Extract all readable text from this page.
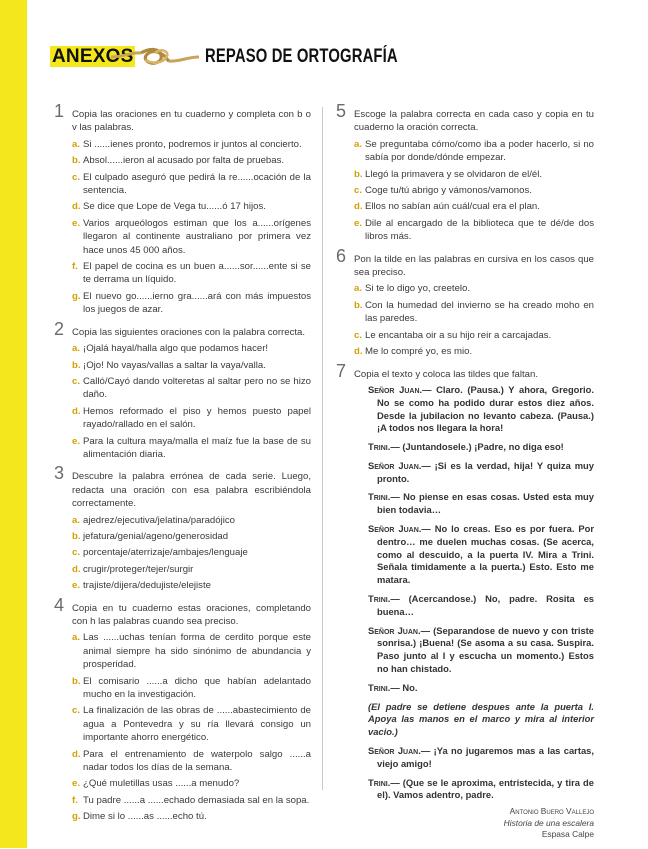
ANEXOS	REPASO DE ORTOGRAFÍA
1 Copia las oraciones en tu cuaderno y completa con b o v las palabras.

a. Si ......ienes pronto, podremos ir juntos al concierto.
b. Absol......ieron al acusado por falta de pruebas.
c. El culpado aseguró que pedirá la re......ocación de la sentencia.
d. Se dice que Lope de Vega tu......ó 17 hijos.
e. Varios arqueólogos estiman que los a......orígenes llegaron al continente australiano por primera vez hace unos 45 000 años.
f. El papel de cocina es un buen a......sor......ente si se te derrama un líquido.
g. El nuevo go......ierno gra......ará con más impuestos los juegos de azar.
2 Copia las siguientes oraciones con la palabra correcta.

a. ¡Ojalá hayal/halla algo que podamos hacer!
b. ¡Ojo! No vayas/vallas a saltar la vaya/valla.
c. Calló/Cayó dando volteretas al saltar pero no se hizo daño.
d. Hemos reformado el piso y hemos puesto papel rayado/rallado en el salón.
e. Para la cultura maya/malla el maíz fue la base de su alimentación diaria.
3 Descubre la palabra errónea de cada serie. Luego, redacta una oración con esa palabra escribiéndola correctamente.

a. ajedrez/ejecutiva/jelatina/paradójico
b. jefatura/genial/ageno/generosidad
c. porcentaje/aterrizaje/ambajes/lenguaje
d. crugir/proteger/tejer/surgir
e. trajiste/dijera/dedujiste/elejiste
4 Copia en tu cuaderno estas oraciones, completando con h las palabras cuando sea preciso.

a. Las ......uchas tenían forma de cerdito porque este animal siempre ha sido sinónimo de abundancia y prosperidad.
b. El comisario ......a dicho que habían adelantado mucho en la investigación.
c. La finalización de las obras de ......abastecimiento de agua a Pontevedra y su ría llevará consigo un importante ahorro energético.
d. Para el entrenamiento de waterpolo salgo ......a nadar todos los días de la semana.
e. ¿Qué muletillas usas ......a menudo?
f. Tu padre ......a ......echado demasiada sal en la sopa.
g. Dime si lo ......as ......echo tú.
5 Escoge la palabra correcta en cada caso y copia en tu cuaderno la oración correcta.

a. Se preguntaba cómo/como iba a poder hacerlo, si no sabía por donde/dónde empezar.
b. Llegó la primavera y se olvidaron de el/él.
c. Coge tu/tú abrigo y vámonos/vamonos.
d. Ellos no sabían aún cuál/cual era el plan.
e. Dile al encargado de la biblioteca que te dé/de dos libros más.
6 Pon la tilde en las palabras en cursiva en los casos que sea preciso.

a. Si te lo digo yo, creetelo.
b. Con la humedad del invierno se ha creado moho en las paredes.
c. Le encantaba oir a su hijo reir a carcajadas.
d. Me lo compré yo, es mio.
7 Copia el texto y coloca las tildes que faltan.

Señor Juan.— Claro. (Pausa.) Y ahora, Gregorio. No se como ha podido durar estos diez años. Desde la jubilacion no levanto cabeza. (Pausa.) ¡A todos nos llegara la hora!
Trini.— (Juntandosele.) ¡Padre, no diga eso!
Señor Juan.— ¡Si es la verdad, hija! Y quiza muy pronto.
Trini.— No piense en esas cosas. Usted esta muy bien todavia…
Señor Juan.— No lo creas. Eso es por fuera. Por dentro… me duelen muchas cosas. (Se acerca, como al descuido, a la puerta IV. Mira a Trini. Señala timidamente a la puerta.) Esto. Esto me matara.
Trini.— (Acercandose.) No, padre. Rosita es buena…
Señor Juan.— (Separandose de nuevo y con triste sonrisa.) ¡Buena! (Se asoma a su casa. Suspira. Paso junto al I y escucha un momento.) Estos no han chistado.
Trini.— No.
(El padre se detiene despues ante la puerta I. Apoya las manos en el marco y mira al interior vacio.)
Señor Juan.— ¡Ya no jugaremos mas a las cartas, viejo amigo!
Trini.— (Que se le aproxima, entristecida, y tira de el). Vamos adentro, padre.
Antonio Buero Vallejo
Historia de una escalera
Espasa Calpe
